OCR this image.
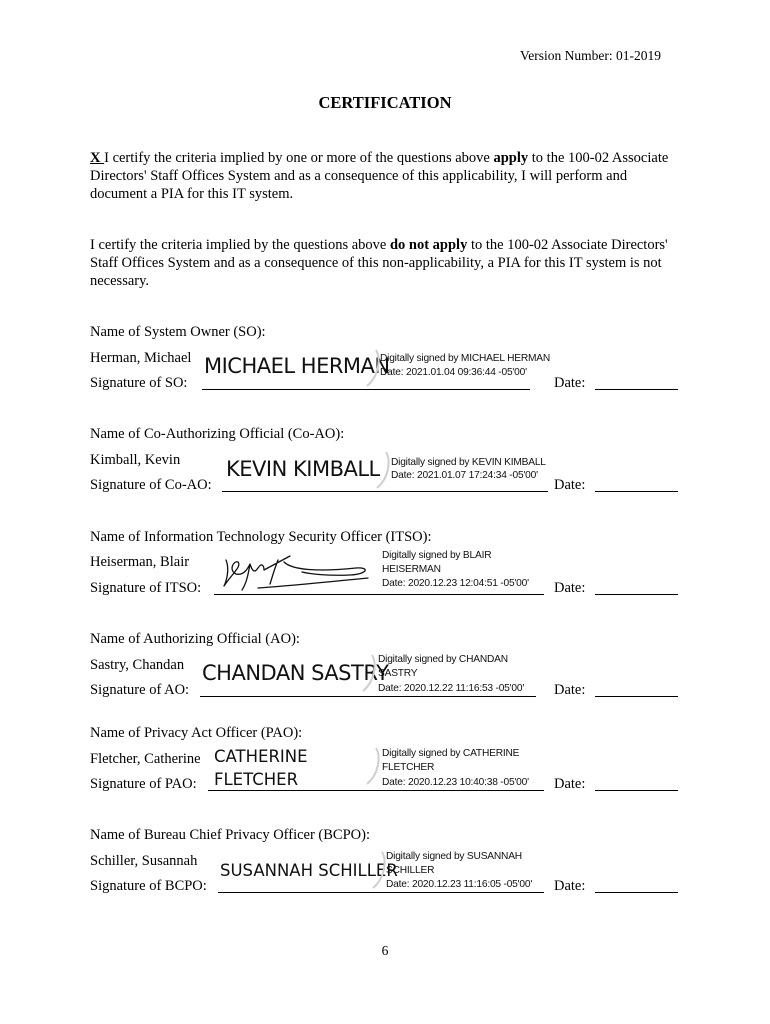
Version Number: 01-2019
CERTIFICATION
X I certify the criteria implied by one or more of the questions above apply to the 100-02 Associate Directors' Staff Offices System and as a consequence of this applicability, I will perform and document a PIA for this IT system.
I certify the criteria implied by the questions above do not apply to the 100-02 Associate Directors' Staff Offices System and as a consequence of this non-applicability, a PIA for this IT system is not necessary.
Name of System Owner (SO):
Herman, Michael
Signature of SO:
MICHAEL HERMAN
Digitally signed by MICHAEL HERMAN
Date: 2021.01.04 09:36:44 -05'00'
Date:
Name of Co-Authorizing Official (Co-AO):
Kimball, Kevin
Signature of Co-AO:
KEVIN KIMBALL Digitally signed by KEVIN KIMBALL
Date: 2021.01.07 17:24:34 -05'00'
Date:
Name of Information Technology Security Officer (ITSO):
Heiserman, Blair
Signature of ITSO:
Digitally signed by BLAIR
HEISERMAN
Date: 2020.12.23 12:04:51 -05'00' Date:
Name of Authorizing Official (AO):
Sastry, Chandan
Signature of AO:
CHANDAN SASTRY
Digitally signed by CHANDAN
SASTRY
Date: 2020.12.22 11:16:53 -05'00' Date:
Name of Privacy Act Officer (PAO):
Fletcher, Catherine
Signature of PAO:
CATHERINE
FLETCHER
Digitally signed by CATHERINE
FLETCHER
Date: 2020.12.23 10:40:38 -05'00' Date:
Name of Bureau Chief Privacy Officer (BCPO):
Schiller, Susannah
Signature of BCPO:
SUSANNAH SCHILLER
Digitally signed by SUSANNAH
SCHILLER
Date: 2020.12.23 11:16:05 -05'00' Date:
6
